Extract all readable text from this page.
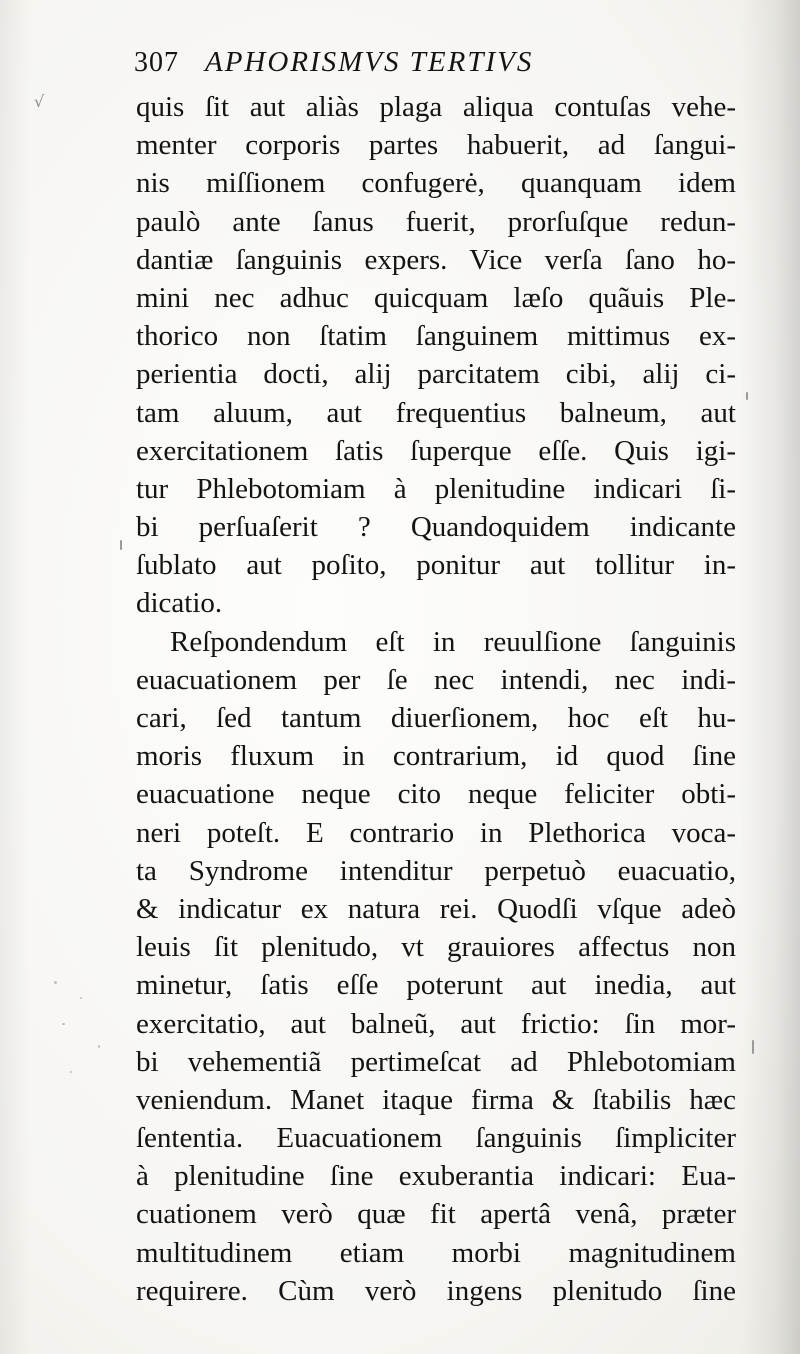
√
307 APHORISMVS TERTIVS
quis ſit aut aliàs plaga aliqua contuſas vehe-
menter corporis partes habuerit, ad ſangui-
nis miſſionem confugerė, quanquam idem
paulò ante ſanus fuerit, prorſuſque redun-
dantiæ ſanguinis expers. Vice verſa ſano ho-
mini nec adhuc quicquam læſo quãuis Ple-
thorico non ſtatim ſanguinem mittimus ex-
perientia docti, alij parcitatem cibi, alij ci-
tam aluum, aut frequentius balneum, aut
exercitationem ſatis ſuperque eſſe. Quis igi-
tur Phlebotomiam à plenitudine indicari ſi-
bi perſuaſerit ? Quandoquidem indicante
ſublato aut poſito, ponitur aut tollitur in-
dicatio.
Reſpondendum eſt in reuulſione ſanguinis
euacuationem per ſe nec intendi, nec indi-
cari, ſed tantum diuerſionem, hoc eſt hu-
moris fluxum in contrarium, id quod ſine
euacuatione neque cito neque feliciter obti-
neri poteſt. E contrario in Plethorica voca-
ta Syndrome intenditur perpetuò euacuatio,
& indicatur ex natura rei. Quodſi vſque adeò
leuis ſit plenitudo, vt grauiores affectus non
minetur, ſatis eſſe poterunt aut inedia, aut
exercitatio, aut balneũ, aut frictio: ſin mor-
bi vehementiã pertimeſcat ad Phlebotomiam
veniendum. Manet itaque firma & ſtabilis hæc
ſententia. Euacuationem ſanguinis ſimpliciter
à plenitudine ſine exuberantia indicari: Eua-
cuationem verò quæ fit apertâ venâ, præter
multitudinem etiam morbi magnitudinem
requirere. Cùm verò ingens plenitudo ſine
